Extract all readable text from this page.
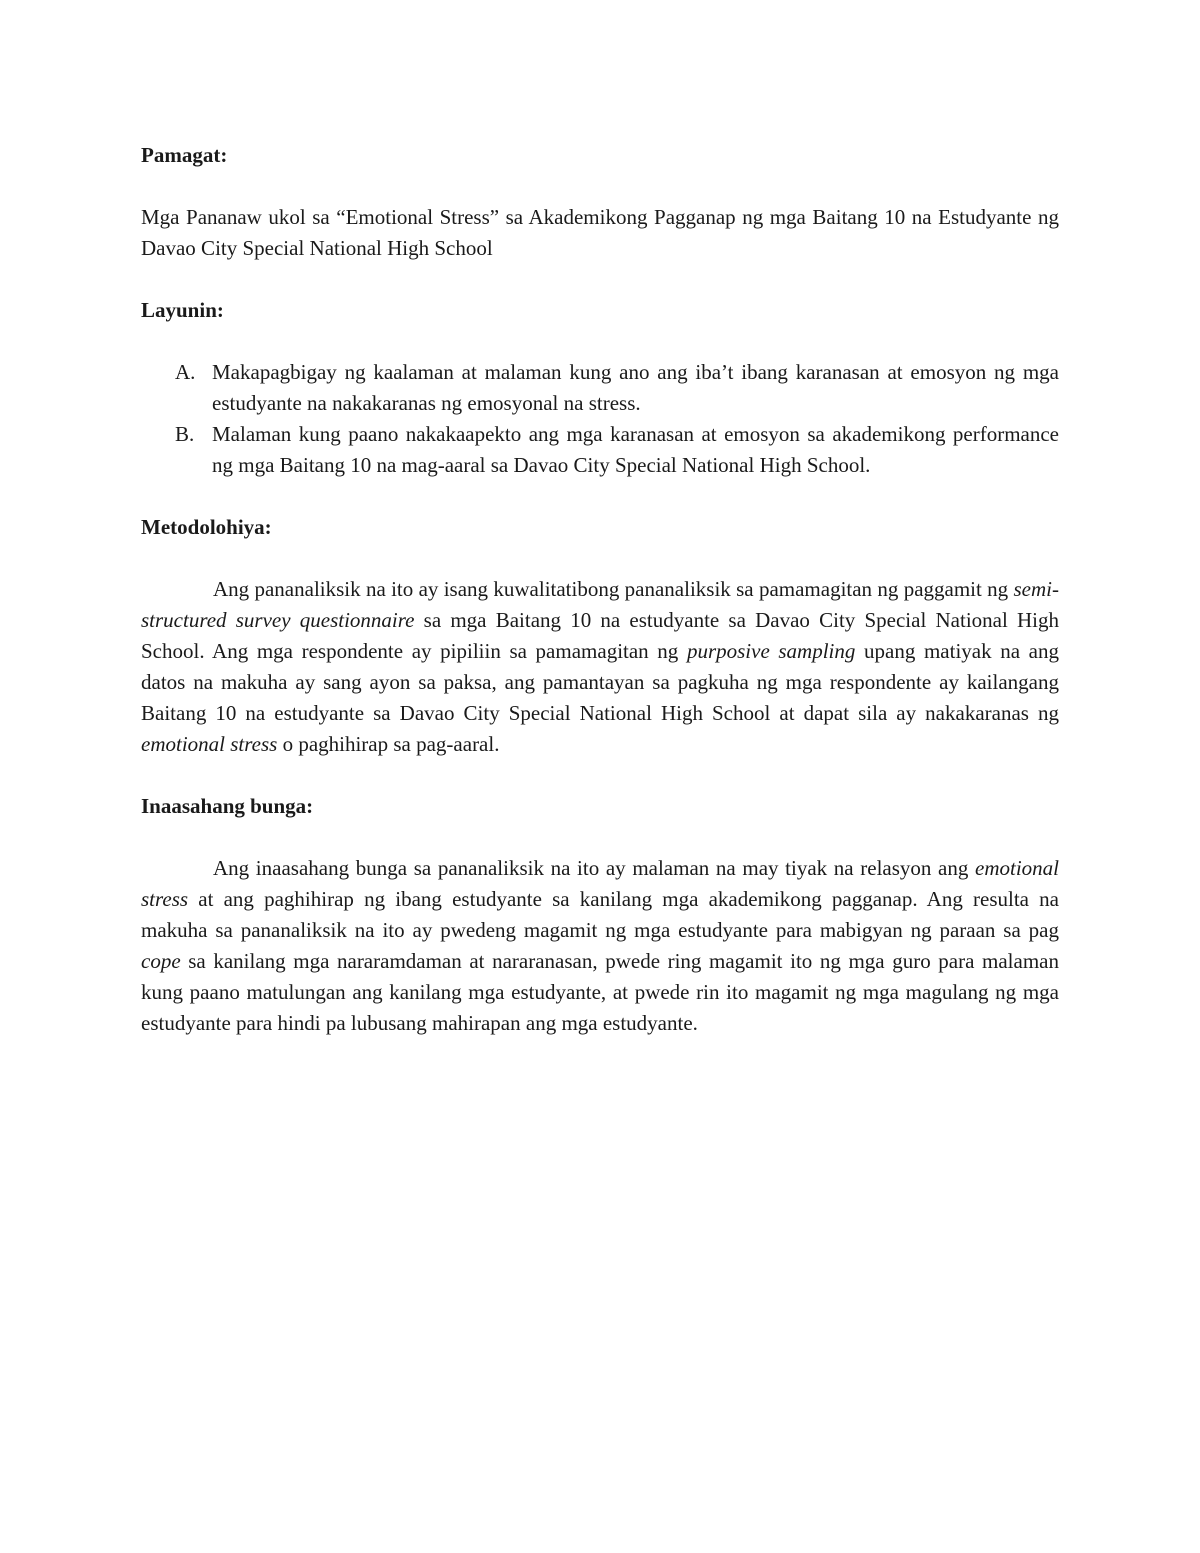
Pamagat:

Mga Pananaw ukol sa “Emotional Stress” sa Akademikong Pagganap ng mga Baitang 10 na Estudyante ng Davao City Special National High School

Layunin:

A. Makapagbigay ng kaalaman at malaman kung ano ang iba’t ibang karanasan at emosyon ng mga estudyante na nakakaranas ng emosyonal na stress.
B. Malaman kung paano nakakaapekto ang mga karanasan at emosyon sa akademikong performance ng mga Baitang 10 na mag-aaral sa Davao City Special National High School.

Metodolohiya:

Ang pananaliksik na ito ay isang kuwalitatibong pananaliksik sa pamamagitan ng paggamit ng semi-structured survey questionnaire sa mga Baitang 10 na estudyante sa Davao City Special National High School. Ang mga respondente ay pipiliin sa pamamagitan ng purposive sampling upang matiyak na ang datos na makuha ay sang ayon sa paksa, ang pamantayan sa pagkuha ng mga respondente ay kailangang Baitang 10 na estudyante sa Davao City Special National High School at dapat sila ay nakakaranas ng emotional stress o paghihirap sa pag-aaral.

Inaasahang bunga:

Ang inaasahang bunga sa pananaliksik na ito ay malaman na may tiyak na relasyon ang emotional stress at ang paghihirap ng ibang estudyante sa kanilang mga akademikong pagganap. Ang resulta na makuha sa pananaliksik na ito ay pwedeng magamit ng mga estudyante para mabigyan ng paraan sa pag cope sa kanilang mga nararamdaman at nararanasan, pwede ring magamit ito ng mga guro para malaman kung paano matulungan ang kanilang mga estudyante, at pwede rin ito magamit ng mga magulang ng mga estudyante para hindi pa lubusang mahirapan ang mga estudyante.
